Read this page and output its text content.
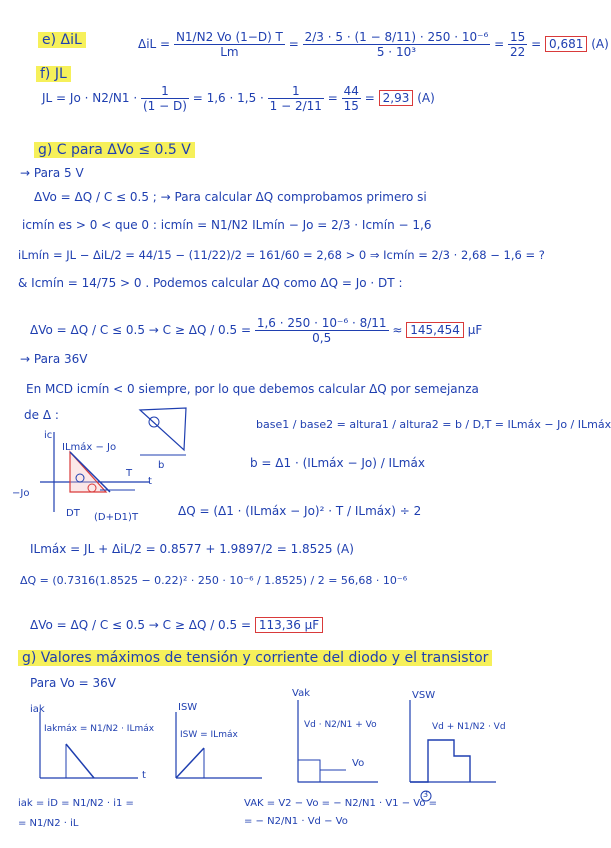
e) ΔiL	$\Delta iL = \frac{N1/N2 Vo (1-D) T}{Lm} = \frac{\text{2/3 · 5 · (1 − 8/11) · 250 · 10⁻⁶}}{\text{5 · 10³}} = \frac{15}{22} = 0,681$ (A)
f) JL
JL = $Jo \cdot N2/N1 \cdot \frac{1}{(1 - D)} = 1,6 \cdot 1,5 \cdot \frac{1}{1 - 2/11} = \frac{44}{15} = 2,93$ (A)
g) C para ΔVo ≤ 0.5 V
→ Para 5 V
ΔVo = ΔQ / C ≤ 0.5 ; → Para calcular ΔQ comprobamos primero si
icmín es > 0 < que 0 : icmín = N1/N2 ILmín − Jo = 2/3 · Icmín − 1,6
iLmín = JL − ΔiL/2 = 44/15 − (11/22)/2 = 161/60 = 2,68 > 0 ⇒ Icmín = 2/3 · 2,68 − 1,6 = ?
& Icmín = 14/75 > 0 . Podemos calcular ΔQ como ΔQ = Jo · DT :
$\Delta Vo = \Delta Q / C \le 0.5 \to C \ge \Delta Q / 0.5 = \frac{\text{1,6 · 250 · 10⁻⁶ · 8/11}}{0,5} \approx 145,454$ µF
→ Para 36V
En MCD icmín < 0 siempre, por lo que debemos calcular ΔQ por semejanza
de Δ :
base1 / base2 = altura1 / altura2 = b / D,T = ILmáx − Jo / ILmáx
b = Δ1 · (ILmáx − Jo) / ILmáx
ΔQ = (Δ1 · (ILmáx − Jo)² · T / ILmáx) ÷ 2
ILmáx = JL + ΔiL/2 = 0.8577 + 1.9897/2 = 1.8525 (A)
ΔQ = (0.7316(1.8525 − 0.22)² · 250 · 10⁻⁶ / 1.8525) / 2 = 56,68 · 10⁻⁶
ΔVo = ΔQ / C ≤ 0.5 → C ≥ ΔQ / 0.5 = 113,36 µF
ic
ILmáx − Jo
T
t
−Jo
DT (D+D1)T
b
g) Valores máximos de tensión y corriente del diodo y el transistor
Para Vo = 36V
iak
Iakmáx = N1/N2 · ILmáx
t
ISW
ISW = ILmáx
Vak
Vd · N2/N1 + Vo
Vo
VSW
Vd + N1/N2 · Vd
3
iak = iD = N1/N2 · i1 =
= N1/N2 · iL
VAK = V2 − Vo = − N2/N1 · V1 − Vo =
= − N2/N1 · Vd − Vo
